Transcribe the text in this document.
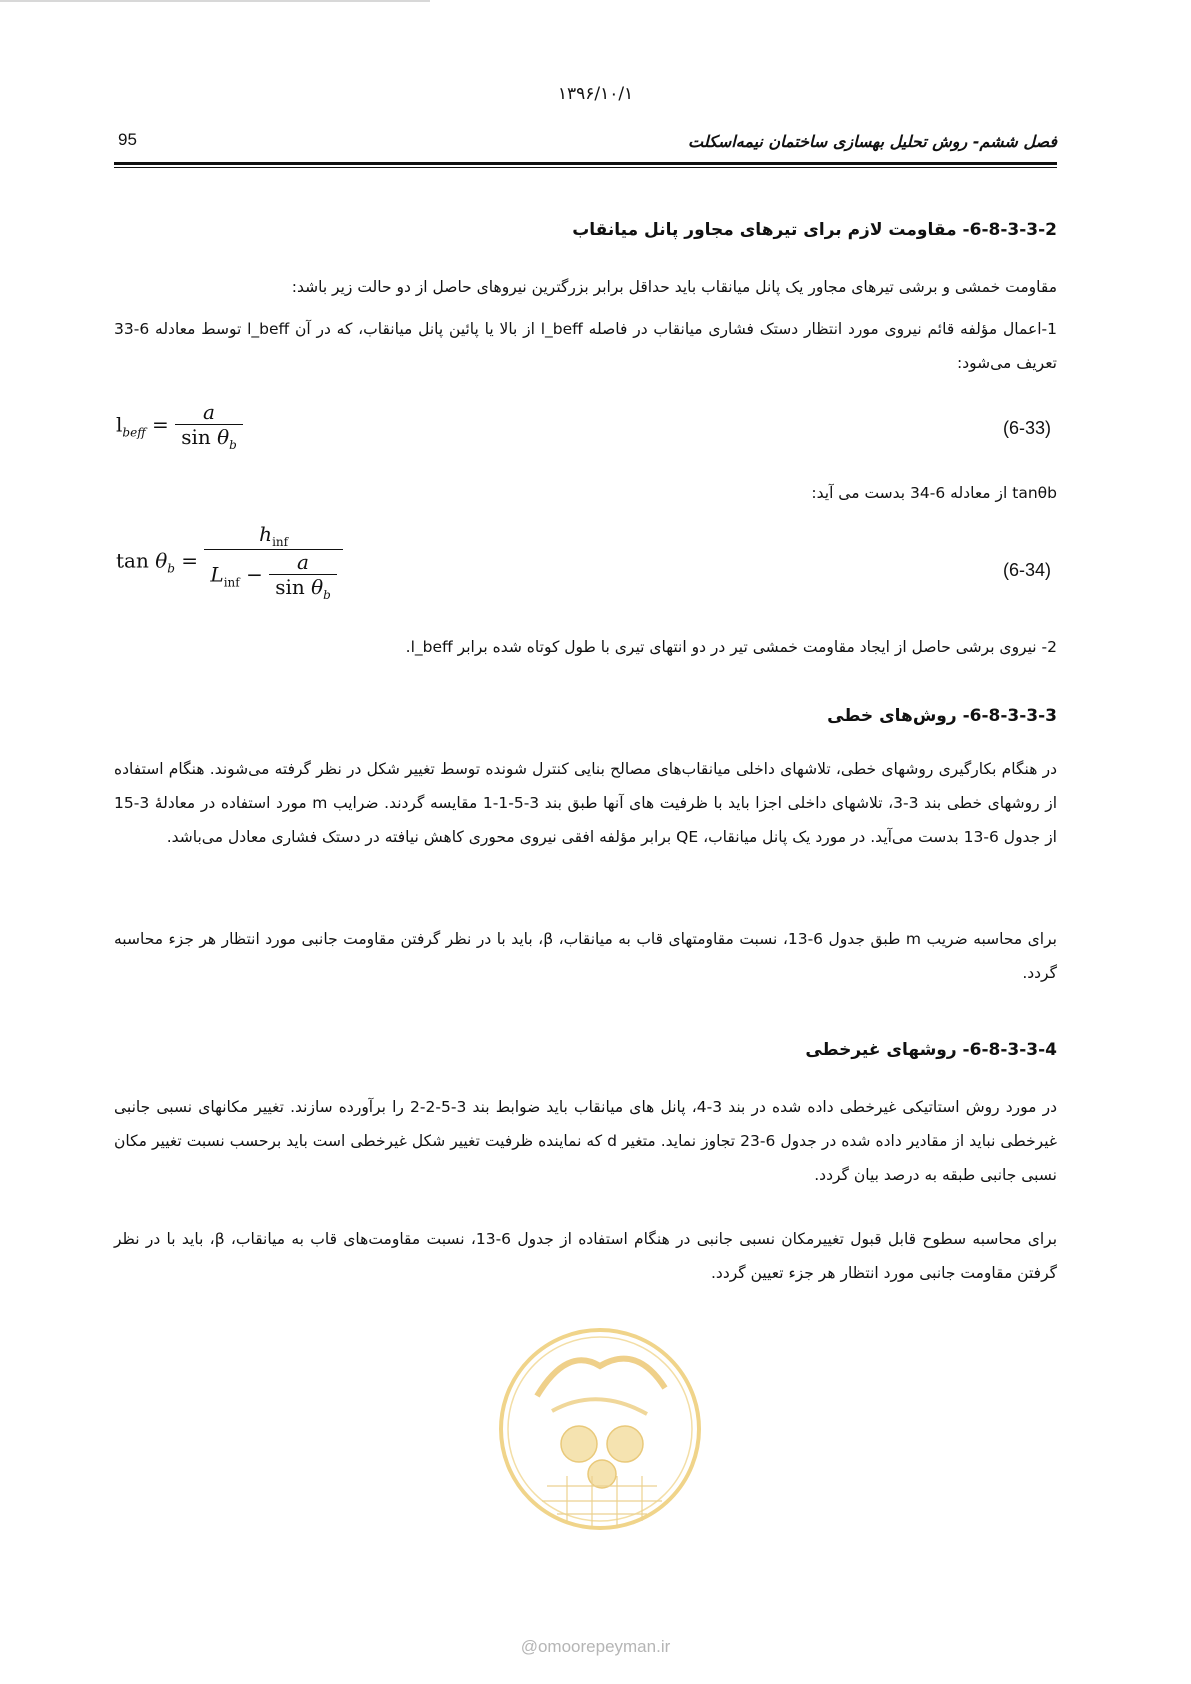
۱۳۹۶/۱۰/۱
95	فصل ششم- روش تحلیل بهسازی ساختمان نیمه‌اسکلت
6-8-3-3-2- مقاومت لازم برای تیرهای مجاور پانل میانقاب
مقاومت خمشی و برشی تیرهای مجاور یک پانل میانقاب باید حداقل برابر بزرگترین نیروهای حاصل از دو حالت زیر باشد:
1-اعمال مؤلفه قائم نیروی مورد انتظار دستک فشاری میانقاب در فاصله l_beff از بالا یا پائین پانل میانقاب، که در آن l_beff توسط معادله 6-33 تعریف می‌شود:
$l_{beff} = \frac{a}{\sin \theta_b}$	(6-33)
tanθb از معادله 6-34 بدست می آید:
$\tan \theta_b = \frac{h_{inf}}{L_{inf} - \frac{a}{\sin \theta_b}}$	(6-34)
2- نیروی برشی حاصل از ایجاد مقاومت خمشی تیر در دو انتهای تیری با طول کوتاه شده برابر l_beff.
6-8-3-3-3- روش‌های خطی
در هنگام بکارگیری روشهای خطی، تلاشهای داخلی میانقاب‌های مصالح بنایی کنترل شونده توسط تغییر شکل در نظر گرفته می‌شوند. هنگام استفاده از روشهای خطی بند 3-3، تلاشهای داخلی اجزا باید با ظرفیت های آنها طبق بند 3-5-1-1 مقایسه گردند. ضرایب m مورد استفاده در معادلهٔ 3-15 از جدول 6-13 بدست می‌آید. در مورد یک پانل میانقاب، QE برابر مؤلفه افقی نیروی محوری کاهش نیافته در دستک فشاری معادل می‌باشد.
برای محاسبه ضریب m طبق جدول 6-13، نسبت مقاومتهای قاب به میانقاب، β، باید با در نظر گرفتن مقاومت جانبی مورد انتظار هر جزء محاسبه گردد.
6-8-3-3-4- روشهای غیرخطی
در مورد روش استاتیکی غیرخطی داده شده در بند 3-4، پانل های میانقاب باید ضوابط بند 3-5-2-2 را برآورده سازند. تغییر مکانهای نسبی جانبی غیرخطی نباید از مقادیر داده شده در جدول 6-23 تجاوز نماید. متغیر d که نماینده ظرفیت تغییر شکل غیرخطی است باید برحسب نسبت تغییر مکان نسبی جانبی طبقه به درصد بیان گردد.
برای محاسبه سطوح قابل قبول تغییرمکان نسبی جانبی در هنگام استفاده از جدول 6-13، نسبت مقاومت‌های قاب به میانقاب، β، باید با در نظر گرفتن مقاومت جانبی مورد انتظار هر جزء تعیین گردد.
@omoorepeyman.ir
